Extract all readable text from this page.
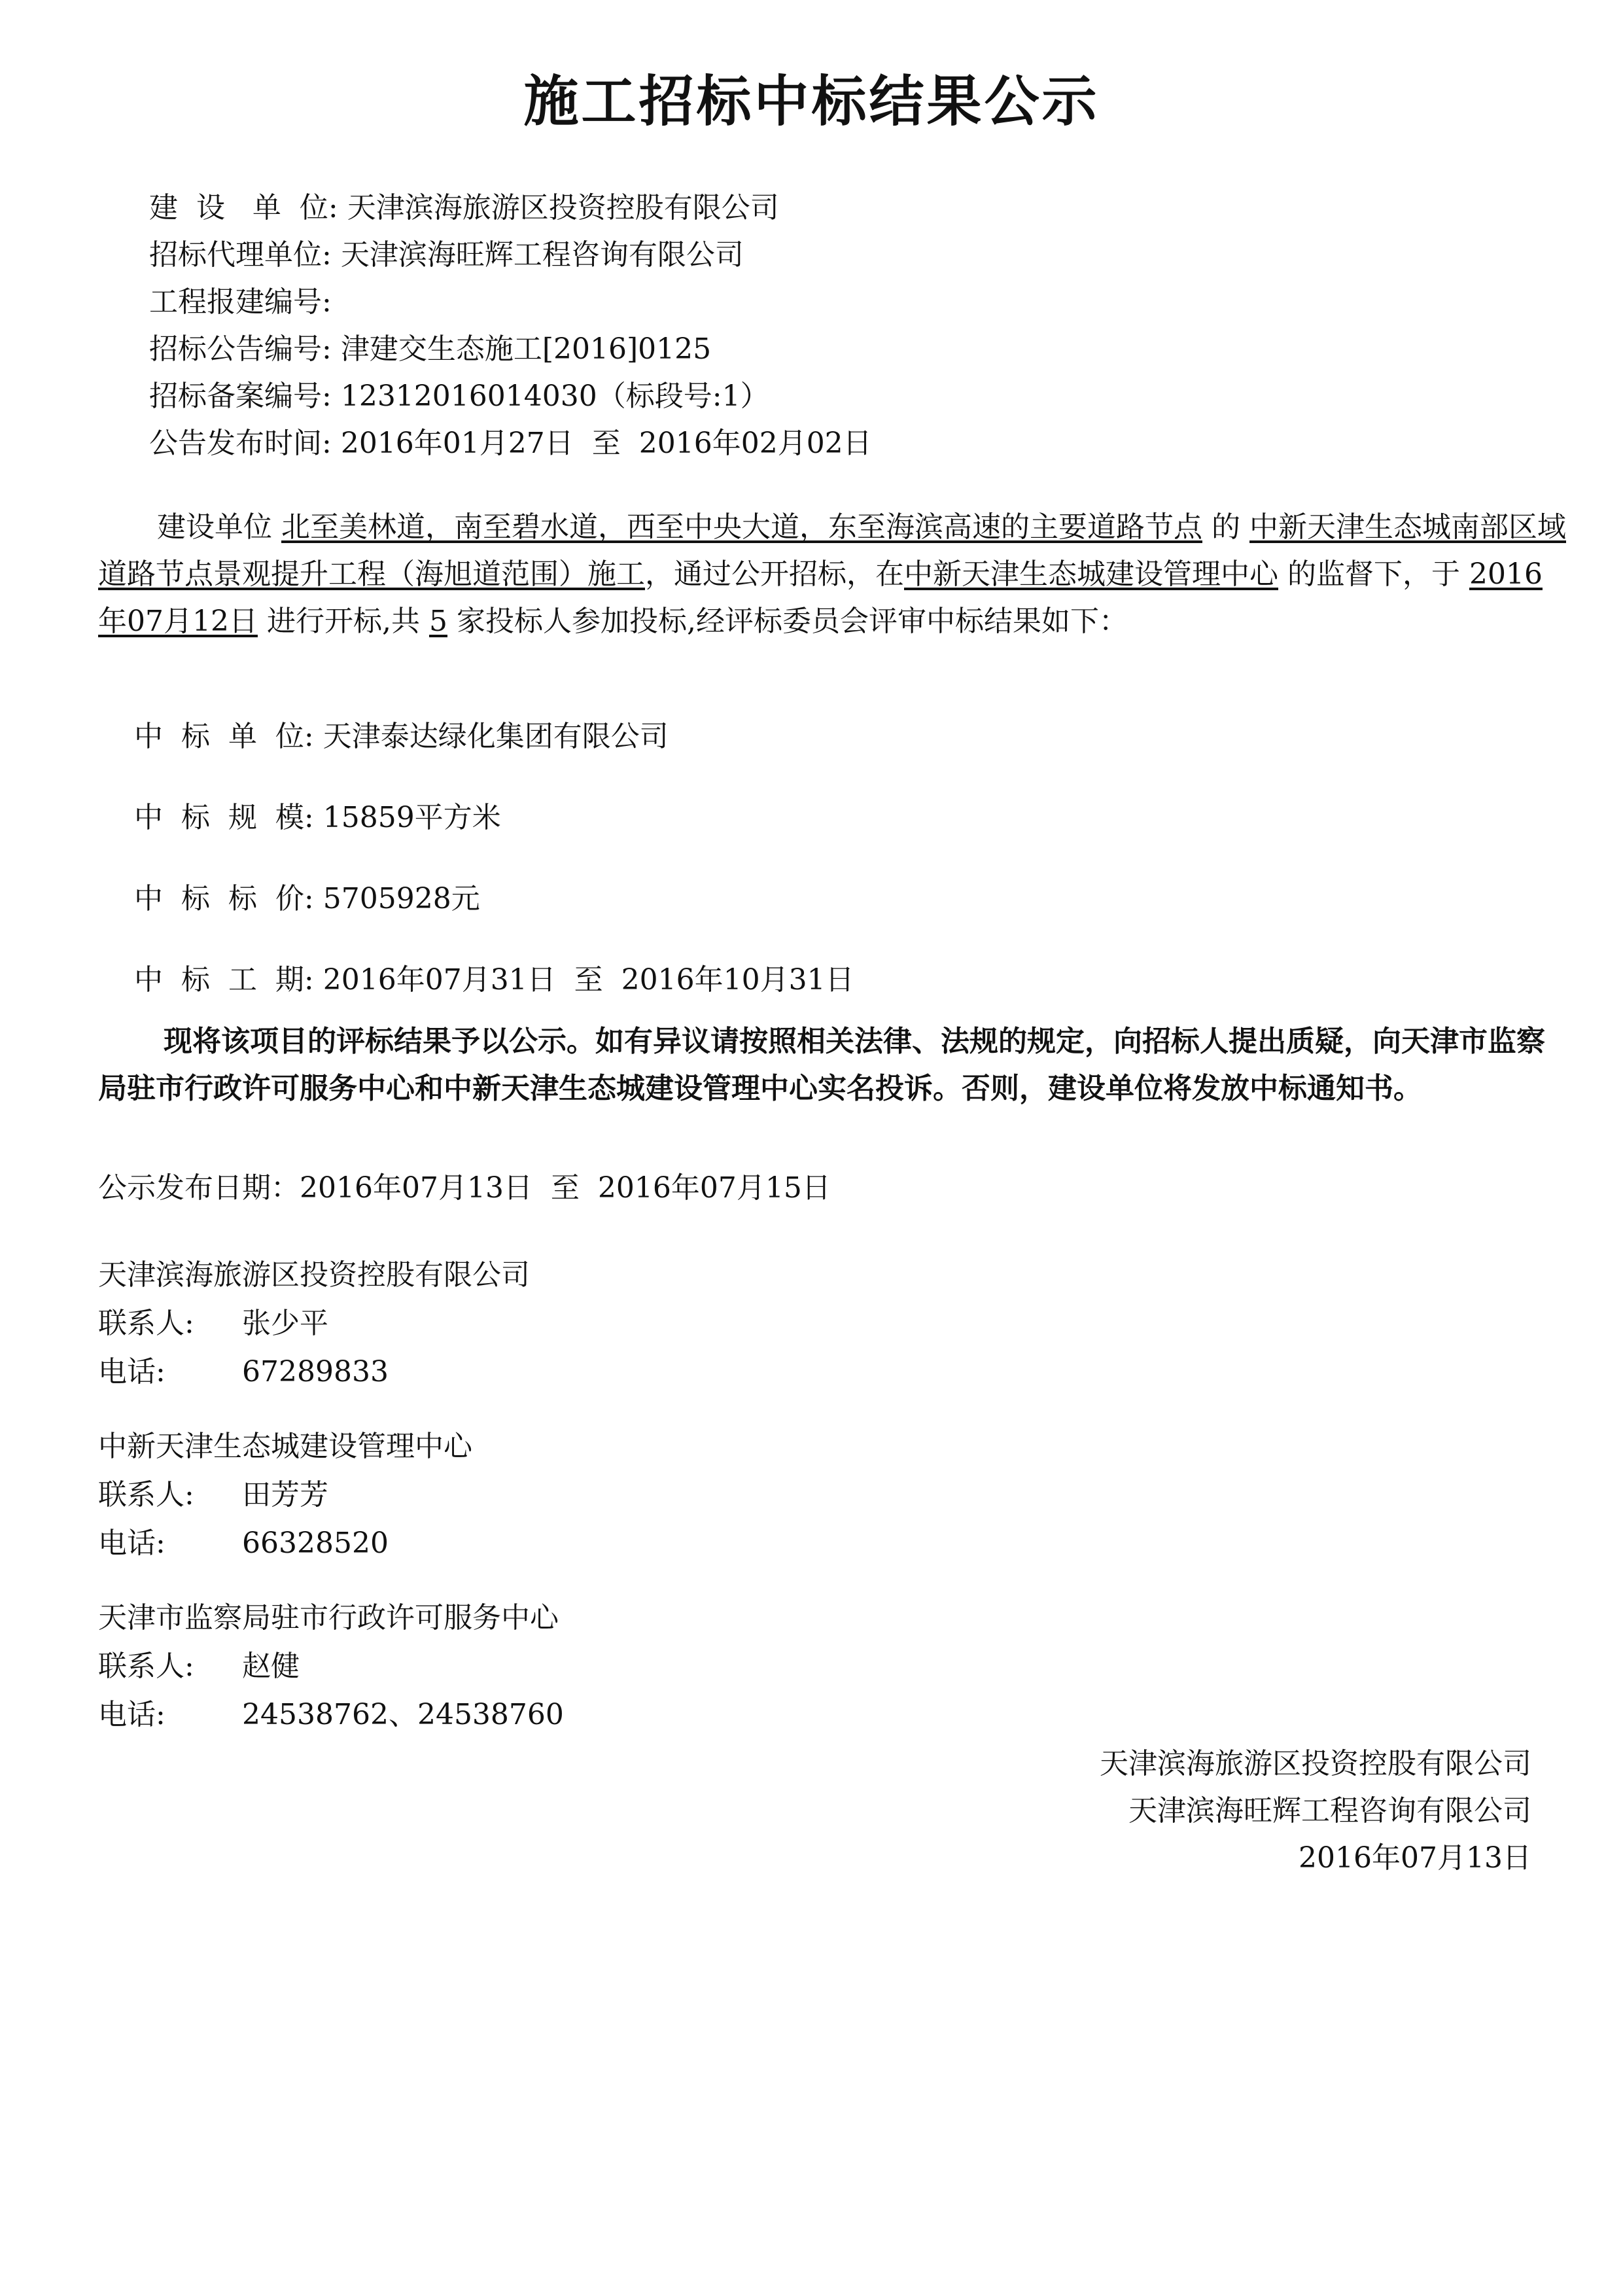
施工招标中标结果公示
建  设   单  位: 天津滨海旅游区投资控股有限公司
招标代理单位: 天津滨海旺辉工程咨询有限公司
工程报建编号:
招标公告编号: 津建交生态施工[2016]0125
招标备案编号: 12312016014030（标段号:1）
公告发布时间: 2016年01月27日  至  2016年02月02日
建设单位 北至美林道，南至碧水道，西至中央大道，东至海滨高速的主要道路节点 的 中新天津生态城南部区域道路节点景观提升工程（海旭道范围）施工，通过公开招标，在中新天津生态城建设管理中心 的监督下，于 2016年07月12日 进行开标,共 5 家投标人参加投标,经评标委员会评审中标结果如下：
中  标  单  位: 天津泰达绿化集团有限公司
中  标  规  模: 15859平方米
中  标  标  价: 5705928元
中  标  工  期: 2016年07月31日  至  2016年10月31日
现将该项目的评标结果予以公示。如有异议请按照相关法律、法规的规定，向招标人提出质疑，向天津市监察局驻市行政许可服务中心和中新天津生态城建设管理中心实名投诉。否则，建设单位将发放中标通知书。
公示发布日期：2016年07月13日  至  2016年07月15日
天津滨海旅游区投资控股有限公司
联系人: 张少平
电话:	67289833
中新天津生态城建设管理中心
联系人: 田芳芳
电话:	66328520
天津市监察局驻市行政许可服务中心
联系人: 赵健
电话:	24538762、24538760
天津滨海旅游区投资控股有限公司
天津滨海旺辉工程咨询有限公司
2016年07月13日
